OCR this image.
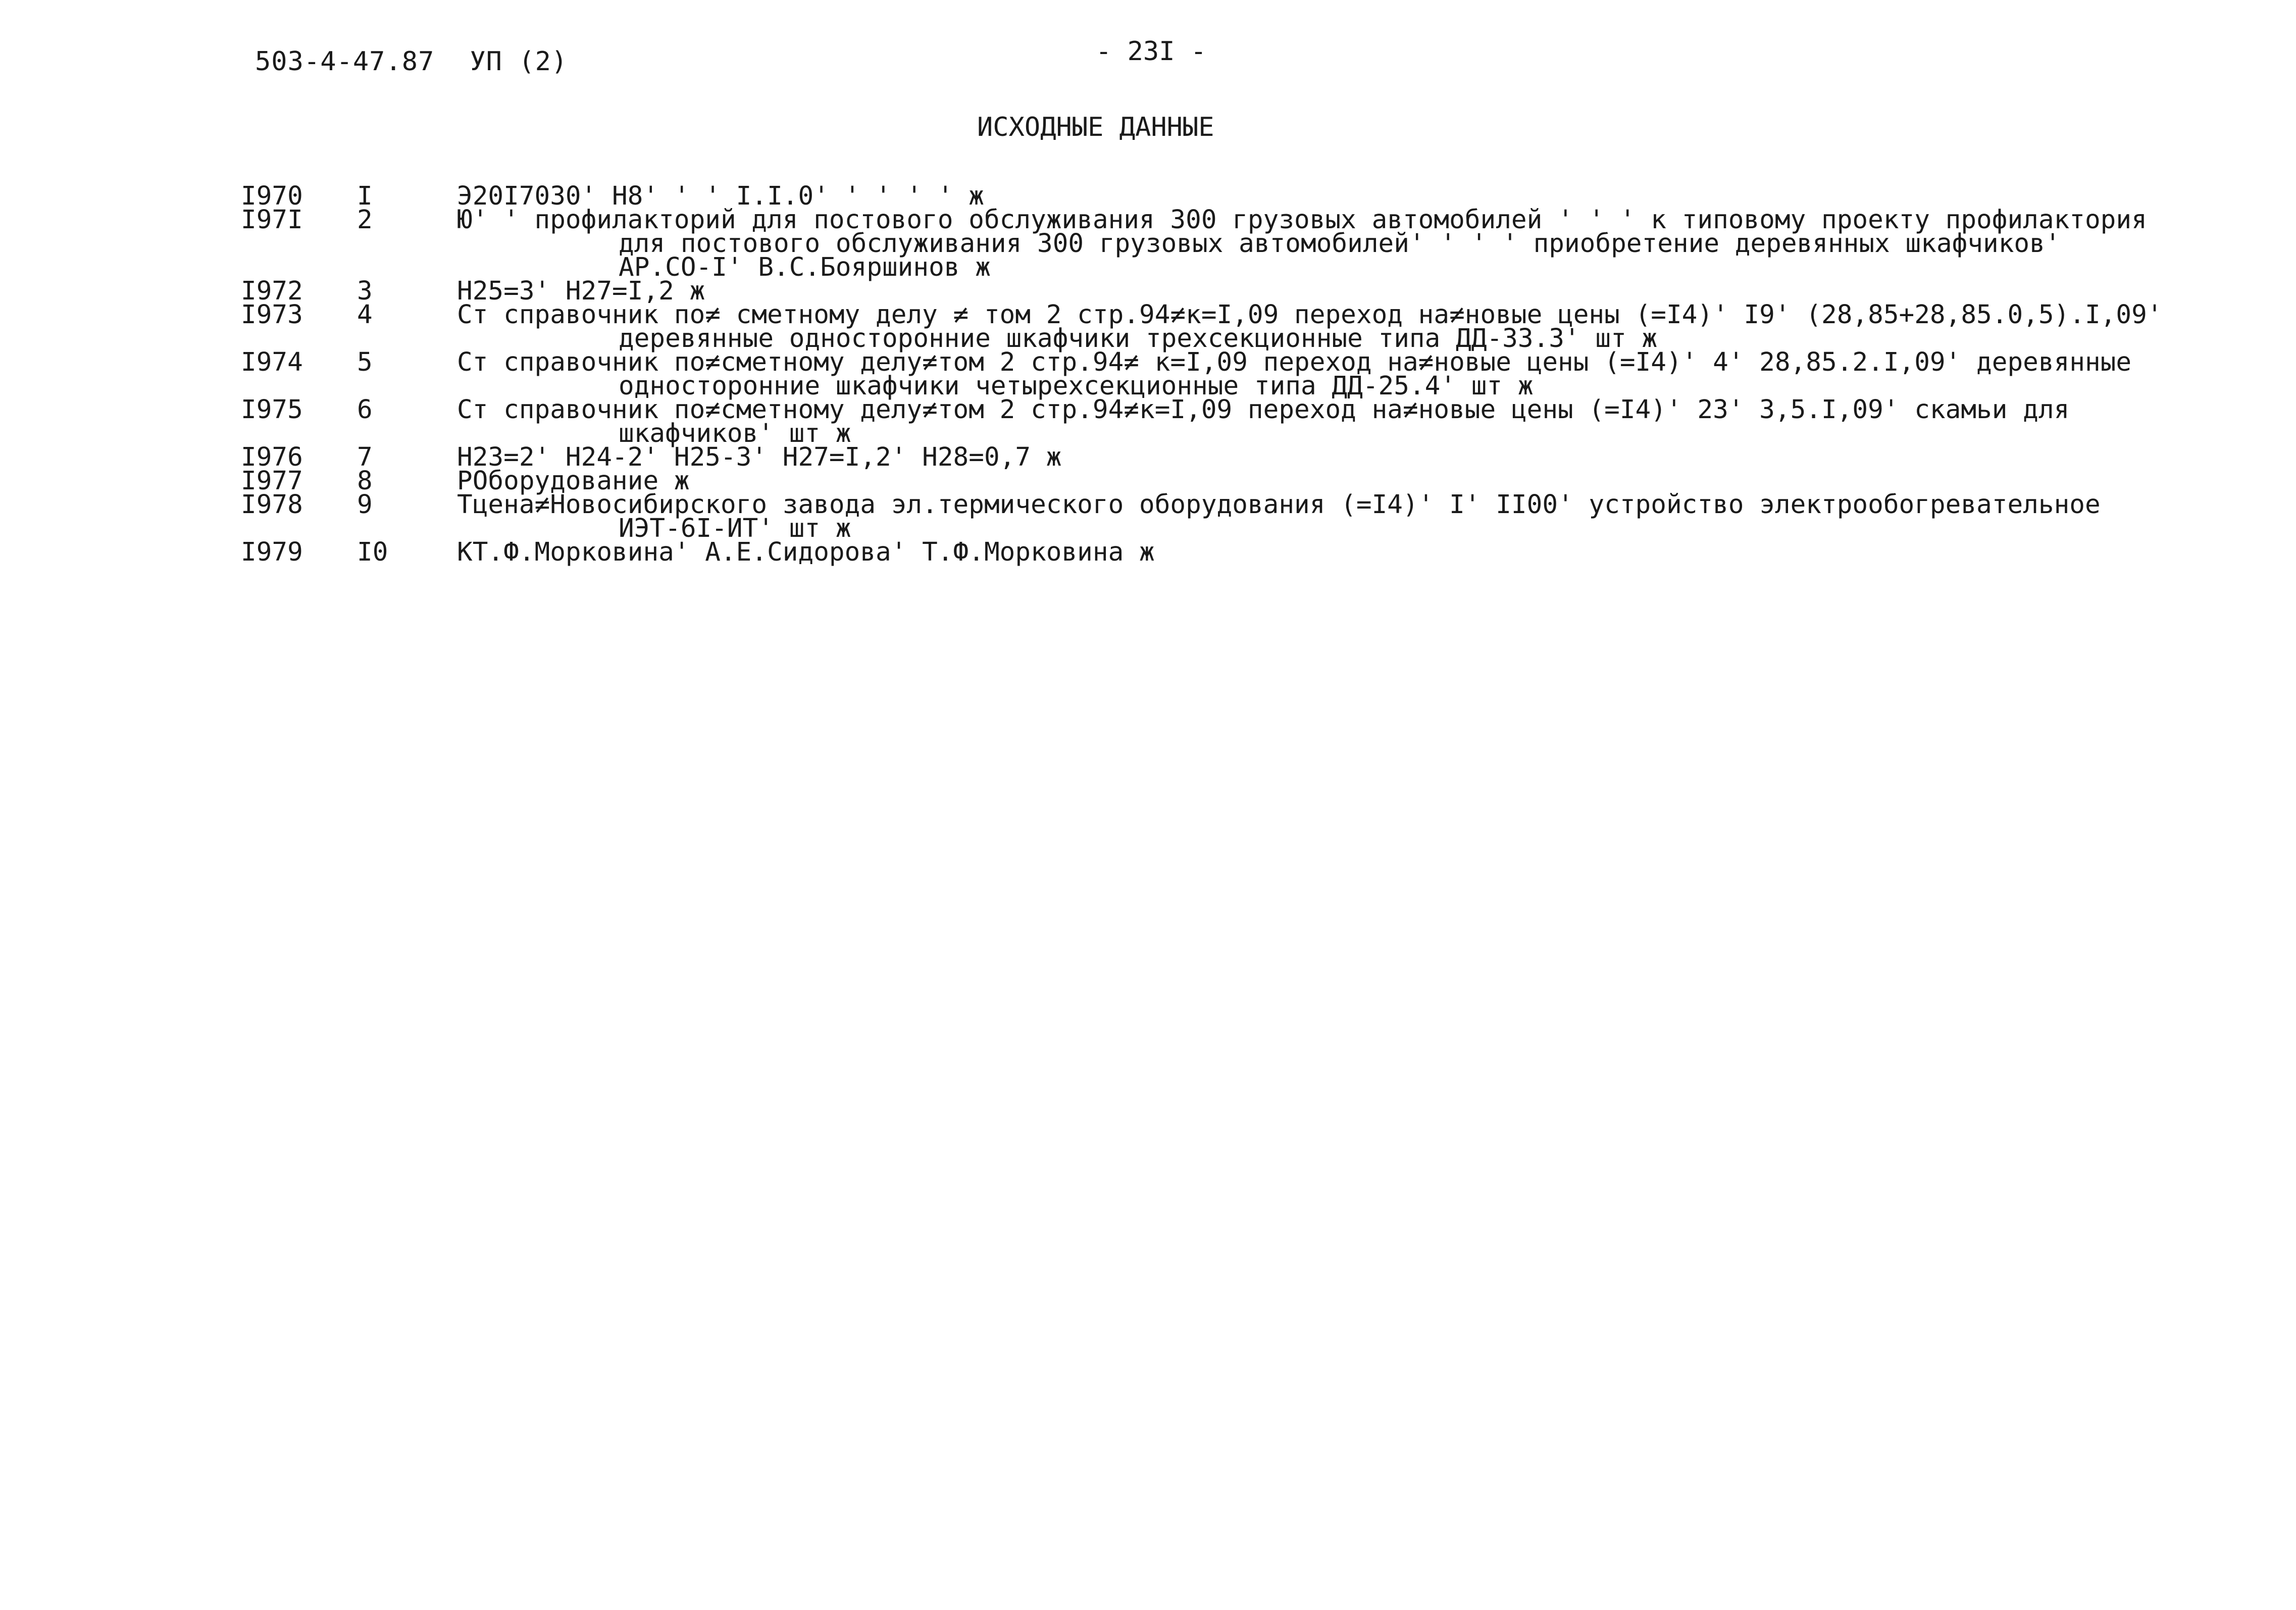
503-4-47.87 УП (2)	- 23I -
ИСХОДНЫЕ ДАННЫЕ
I970 I	Э20I7030' Н8' ' ' I.I.0' ' ' ' ' ж
I97I 2	Ю' ' профилакторий для постового обслуживания 300 грузовых автомобилей ' ' ' к типовому проекту профилактория
для постового обслуживания 300 грузовых автомобилей' ' ' ' приобретение деревянных шкафчиков'
АР.СО-I' В.С.Бояршинов ж
I972 3	Н25=3' Н27=I,2 ж
I973 4	Ст справочник по≠ сметному делу ≠ том 2 стр.94≠к=I,09 переход на≠новые цены (=I4)' I9' (28,85+28,85.0,5).I,09'
деревянные односторонние шкафчики трехсекционные типа ДД-33.3' шт ж
I974 5	Ст справочник по≠сметному делу≠том 2 стр.94≠ к=I,09 переход на≠новые цены (=I4)' 4' 28,85.2.I,09' деревянные
односторонние шкафчики четырехсекционные типа ДД-25.4' шт ж
I975 6	Ст справочник по≠сметному делу≠том 2 стр.94≠к=I,09 переход на≠новые цены (=I4)' 23' 3,5.I,09' скамьи для
шкафчиков' шт ж
I976 7	Н23=2' Н24-2' Н25-3' Н27=I,2' Н28=0,7 ж
I977 8	РОборудование ж
I978 9	Тцена≠Новосибирского завода эл.термического оборудования (=I4)' I' II00' устройство электрообогревательное
ИЭТ-6I-ИТ' шт ж
I979 I0	КТ.Ф.Морковина' А.Е.Сидорова' Т.Ф.Морковина ж
